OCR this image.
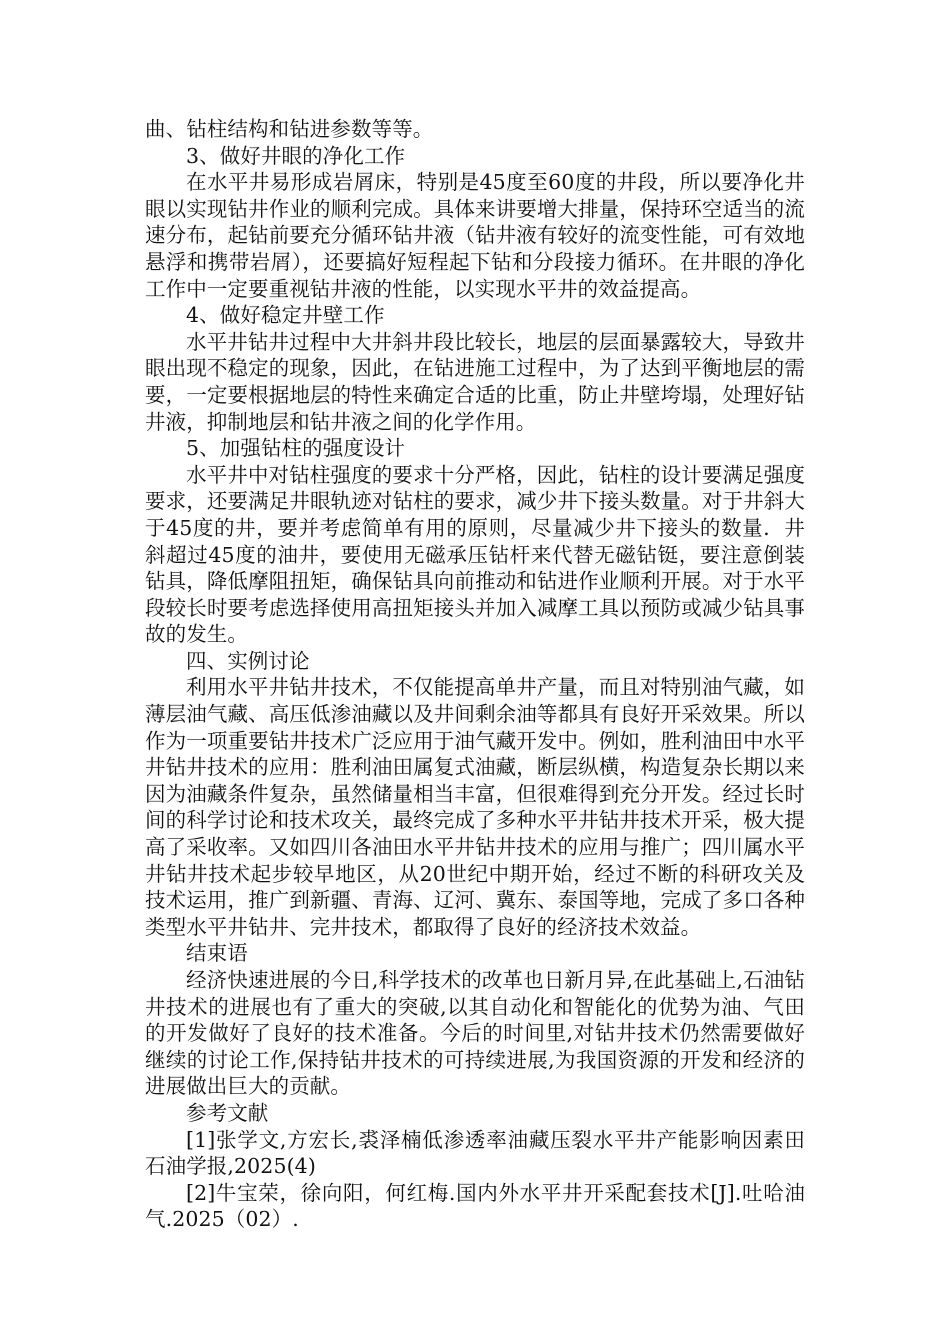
曲、钻柱结构和钻进参数等等。

3、做好井眼的净化工作

在水平井易形成岩屑床，特别是45度至60度的井段，所以要净化井眼以实现钻井作业的顺利完成。具体来讲要增大排量，保持环空适当的流速分布，起钻前要充分循环钻井液（钻井液有较好的流变性能，可有效地悬浮和携带岩屑），还要搞好短程起下钻和分段接力循环。在井眼的净化工作中一定要重视钻井液的性能，以实现水平井的效益提高。

4、做好稳定井壁工作

水平井钻井过程中大井斜井段比较长，地层的层面暴露较大，导致井眼出现不稳定的现象，因此，在钻进施工过程中，为了达到平衡地层的需要，一定要根据地层的特性来确定合适的比重，防止井壁垮塌，处理好钻井液，抑制地层和钻井液之间的化学作用。

5、加强钻柱的强度设计

水平井中对钻柱强度的要求十分严格，因此，钻柱的设计要满足强度要求，还要满足井眼轨迹对钻柱的要求，减少井下接头数量。对于井斜大于45度的井，要并考虑简单有用的原则，尽量减少井下接头的数量．井斜超过45度的油井，要使用无磁承压钻杆来代替无磁钻铤，要注意倒装钻具，降低摩阻扭矩，确保钻具向前推动和钻进作业顺利开展。对于水平段较长时要考虑选择使用高扭矩接头并加入减摩工具以预防或减少钻具事故的发生。

四、实例讨论

利用水平井钻井技术，不仅能提高单井产量，而且对特别油气藏，如薄层油气藏、高压低渗油藏以及井间剩余油等都具有良好开采效果。所以作为一项重要钻井技术广泛应用于油气藏开发中。例如，胜利油田中水平井钻井技术的应用：胜利油田属复式油藏，断层纵横，构造复杂长期以来因为油藏条件复杂，虽然储量相当丰富，但很难得到充分开发。经过长时间的科学讨论和技术攻关，最终完成了多种水平井钻井技术开采，极大提高了采收率。又如四川各油田水平井钻井技术的应用与推广；四川属水平井钻井技术起步较早地区，从20世纪中期开始，经过不断的科研攻关及技术运用，推广到新疆、青海、辽河、冀东、泰国等地，完成了多口各种类型水平井钻井、完井技术，都取得了良好的经济技术效益。

结束语

经济快速进展的今日,科学技术的改革也日新月异,在此基础上,石油钻井技术的进展也有了重大的突破,以其自动化和智能化的优势为油、气田的开发做好了良好的技术准备。今后的时间里,对钻井技术仍然需要做好继续的讨论工作,保持钻井技术的可持续进展,为我国资源的开发和经济的进展做出巨大的贡献。

参考文献

[1]张学文,方宏长,裘泽楠低渗透率油藏压裂水平井产能影响因素田石油学报,2025(4)

[2]牛宝荣，徐向阳，何红梅.国内外水平井开采配套技术[J].吐哈油气.2025（02）.
